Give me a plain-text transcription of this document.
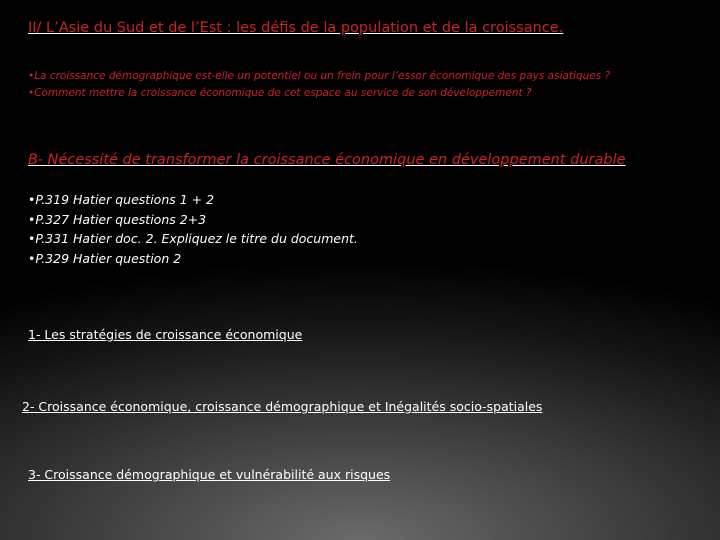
II/ L’Asie du Sud et de l’Est : les défis de la population et de la croissance.
•La croissance démographique est-elle un potentiel ou un frein pour l’essor économique des pays asiatiques ?
•Comment mettre la croissance économique de cet espace au service de son développement ?
B- Nécessité de transformer la croissance économique en développement durable
•P.319 Hatier questions 1 + 2
•P.327 Hatier questions 2+3
•P.331 Hatier doc. 2. Expliquez le titre du document.
•P.329 Hatier question 2
1- Les stratégies de croissance économique
2- Croissance économique, croissance démographique et Inégalités socio-spatiales
3- Croissance démographique et vulnérabilité aux risques
